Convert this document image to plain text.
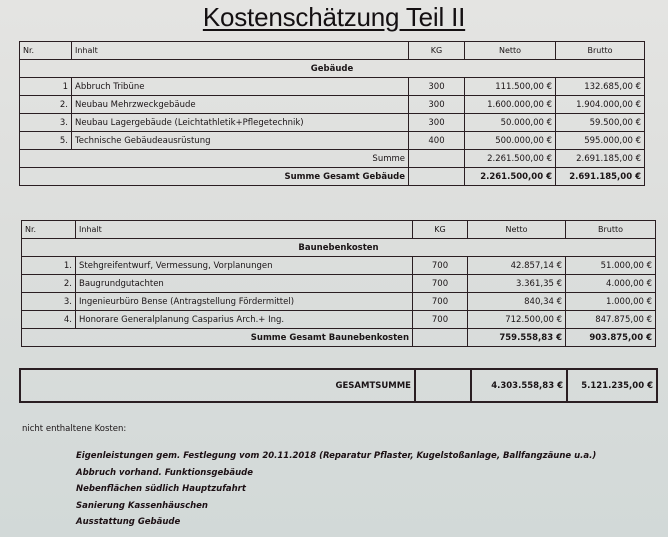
Kostenschätzung Teil II
Nr.	Inhalt	KG	Netto	Brutto
Gebäude				
1	Abbruch Tribüne	300	111.500,00 €	132.685,00 €
2.	Neubau Mehrzweckgebäude	300	1.600.000,00 €	1.904.000,00 €
3.	Neubau Lagergebäude (Leichtathletik+Pflegetechnik)	300	50.000,00 €	59.500,00 €
5.	Technische Gebäudeausrüstung	400	500.000,00 €	595.000,00 €
Summe			2.261.500,00 €	2.691.185,00 €
Summe Gesamt Gebäude			2.261.500,00 €	2.691.185,00 €
Nr.	Inhalt	KG	Netto	Brutto
Baunebenkosten				
1.	Stehgreifentwurf, Vermessung, Vorplanungen	700	42.857,14 €	51.000,00 €
2.	Baugrundgutachten	700	3.361,35 €	4.000,00 €
3.	Ingenieurbüro Bense (Antragstellung Fördermittel)	700	840,34 €	1.000,00 €
4.	Honorare Generalplanung Casparius Arch.+ Ing.	700	712.500,00 €	847.875,00 €
Summe Gesamt Baunebenkosten			759.558,83 €	903.875,00 €
GESAMTSUMME		4.303.558,83 €	5.121.235,00 €
nicht enthaltene Kosten:
Eigenleistungen gem. Festlegung vom 20.11.2018 (Reparatur Pflaster, Kugelstoßanlage, Ballfangzäune u.a.)
Abbruch vorhand. Funktionsgebäude
Nebenflächen südlich Hauptzufahrt
Sanierung Kassenhäuschen
Ausstattung Gebäude
